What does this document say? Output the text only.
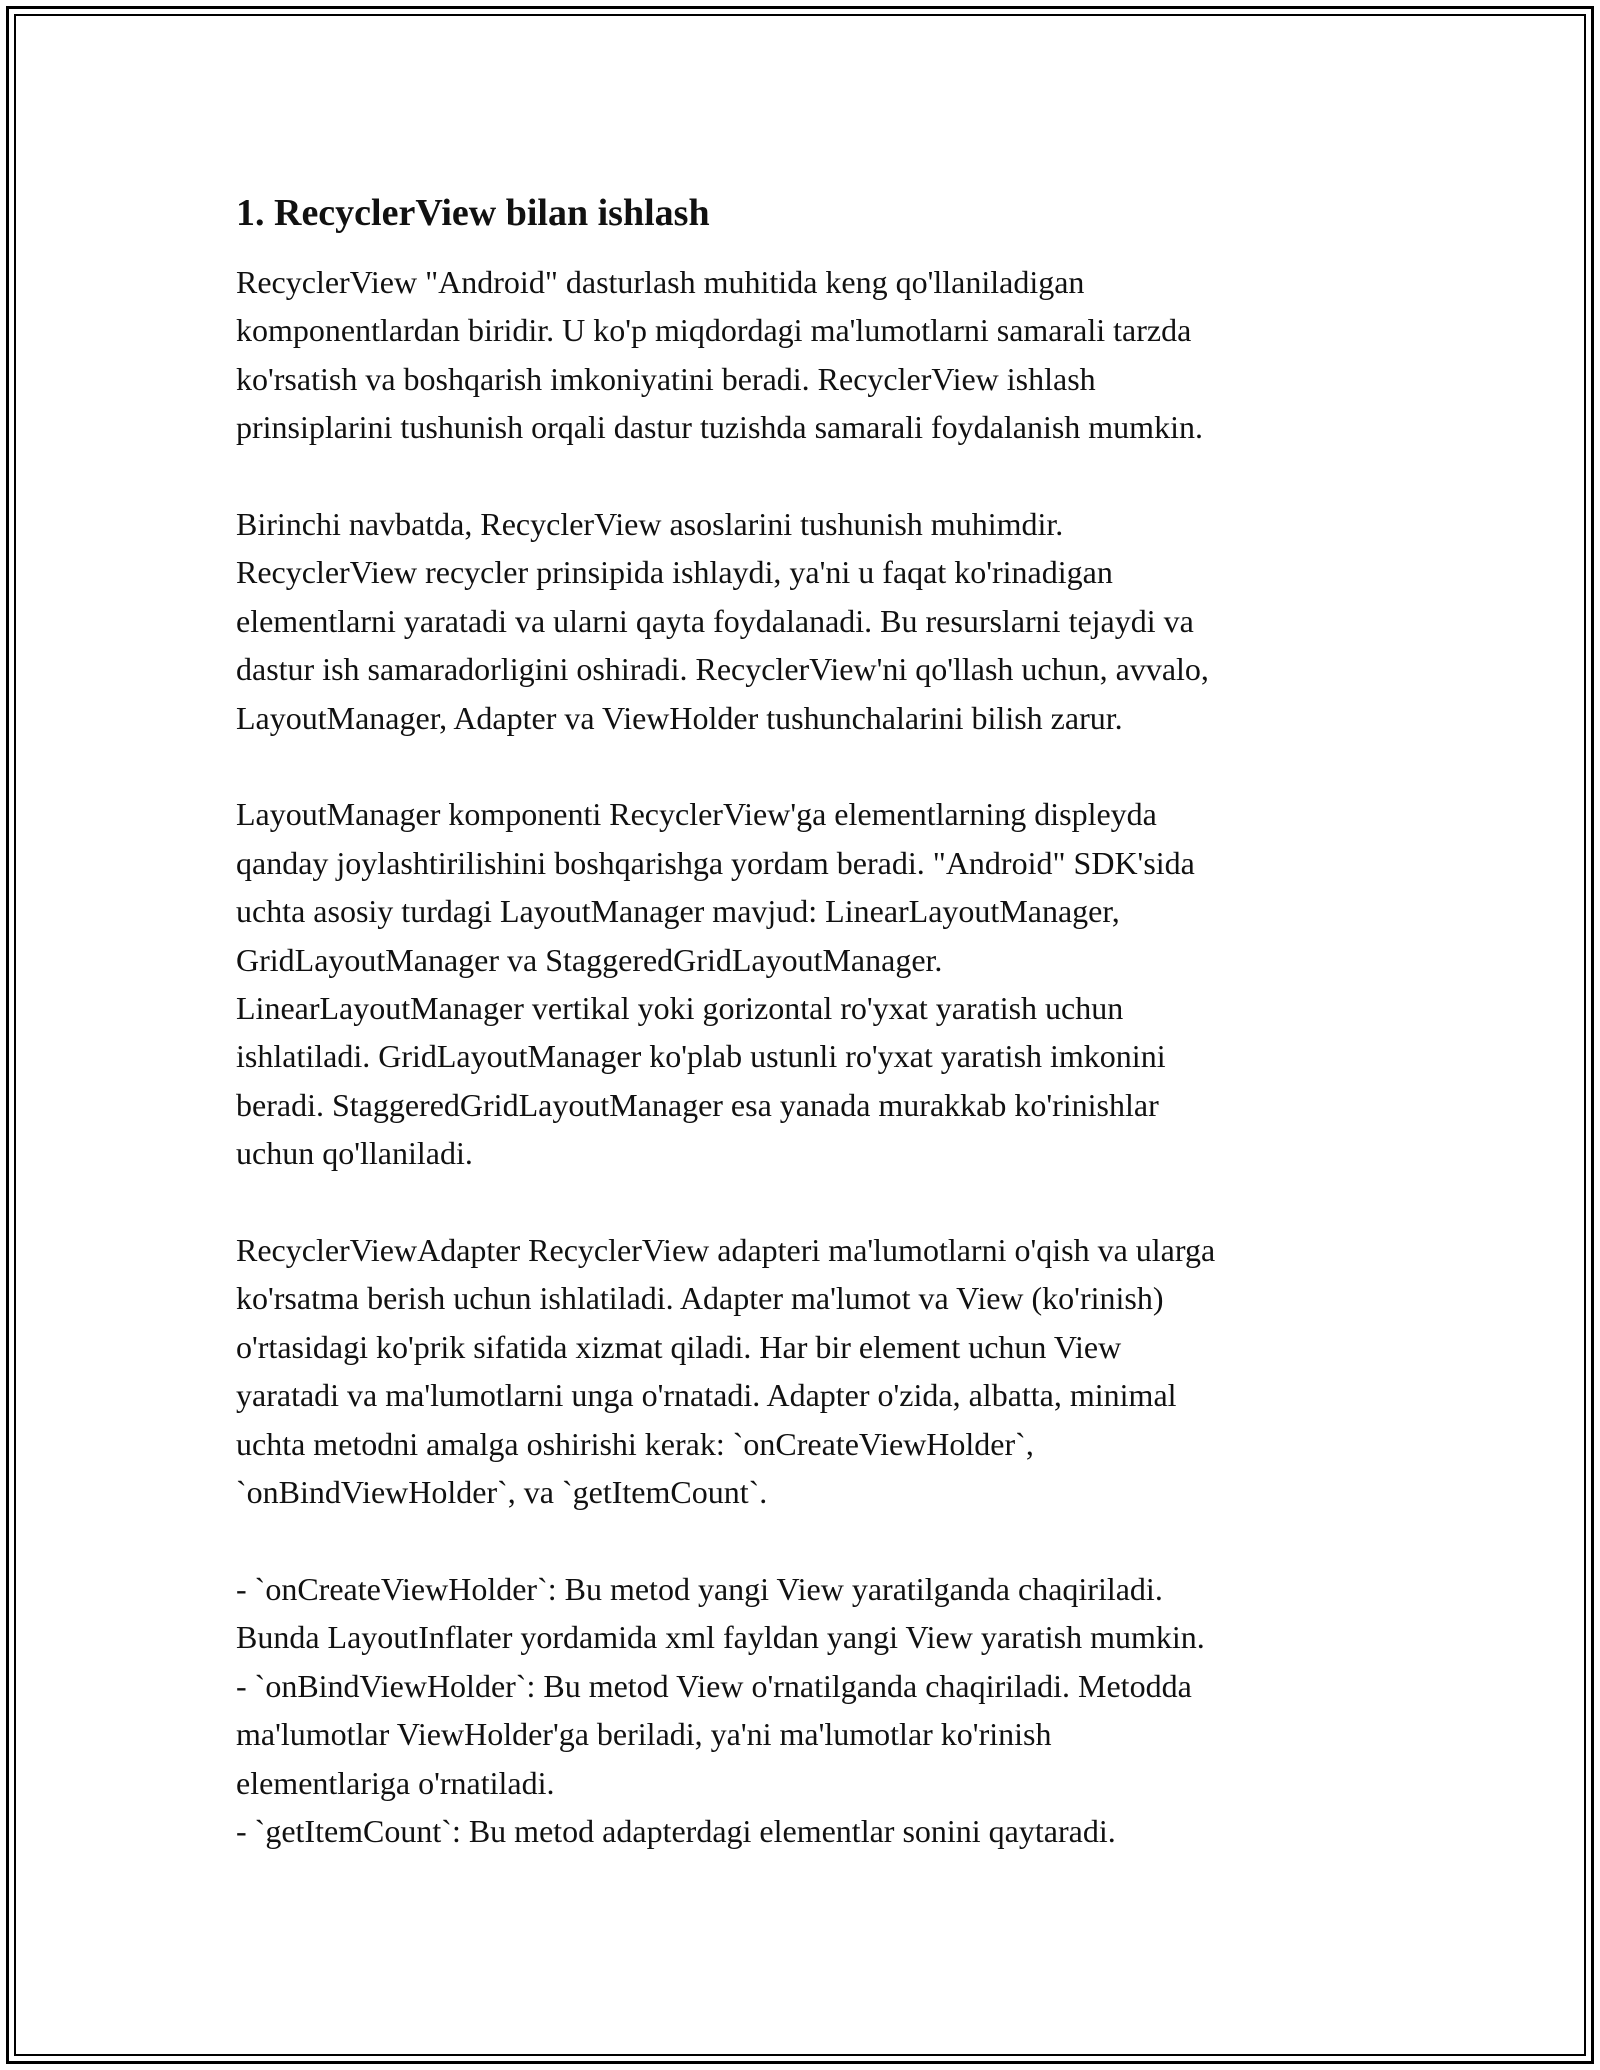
1. RecyclerView bilan ishlash
RecyclerView "Android" dasturlash muhitida keng qo'llaniladigan
komponentlardan biridir. U ko'p miqdordagi ma'lumotlarni samarali tarzda
ko'rsatish va boshqarish imkoniyatini beradi. RecyclerView ishlash
prinsiplarini tushunish orqali dastur tuzishda samarali foydalanish mumkin.
Birinchi navbatda, RecyclerView asoslarini tushunish muhimdir.
RecyclerView recycler prinsipida ishlaydi, ya'ni u faqat ko'rinadigan
elementlarni yaratadi va ularni qayta foydalanadi. Bu resurslarni tejaydi va
dastur ish samaradorligini oshiradi. RecyclerView'ni qo'llash uchun, avvalo,
LayoutManager, Adapter va ViewHolder tushunchalarini bilish zarur.
LayoutManager komponenti RecyclerView'ga elementlarning displeyda
qanday joylashtirilishini boshqarishga yordam beradi. "Android" SDK'sida
uchta asosiy turdagi LayoutManager mavjud: LinearLayoutManager,
GridLayoutManager va StaggeredGridLayoutManager.
LinearLayoutManager vertikal yoki gorizontal ro'yxat yaratish uchun
ishlatiladi. GridLayoutManager ko'plab ustunli ro'yxat yaratish imkonini
beradi. StaggeredGridLayoutManager esa yanada murakkab ko'rinishlar
uchun qo'llaniladi.
RecyclerViewAdapter RecyclerView adapteri ma'lumotlarni o'qish va ularga
ko'rsatma berish uchun ishlatiladi. Adapter ma'lumot va View (ko'rinish)
o'rtasidagi ko'prik sifatida xizmat qiladi. Har bir element uchun View
yaratadi va ma'lumotlarni unga o'rnatadi. Adapter o'zida, albatta, minimal
uchta metodni amalga oshirishi kerak: `onCreateViewHolder`,
`onBindViewHolder`, va `getItemCount`.
- `onCreateViewHolder`: Bu metod yangi View yaratilganda chaqiriladi.
Bunda LayoutInflater yordamida xml fayldan yangi View yaratish mumkin.
- `onBindViewHolder`: Bu metod View o'rnatilganda chaqiriladi. Metodda
ma'lumotlar ViewHolder'ga beriladi, ya'ni ma'lumotlar ko'rinish
elementlariga o'rnatiladi.
- `getItemCount`: Bu metod adapterdagi elementlar sonini qaytaradi.
